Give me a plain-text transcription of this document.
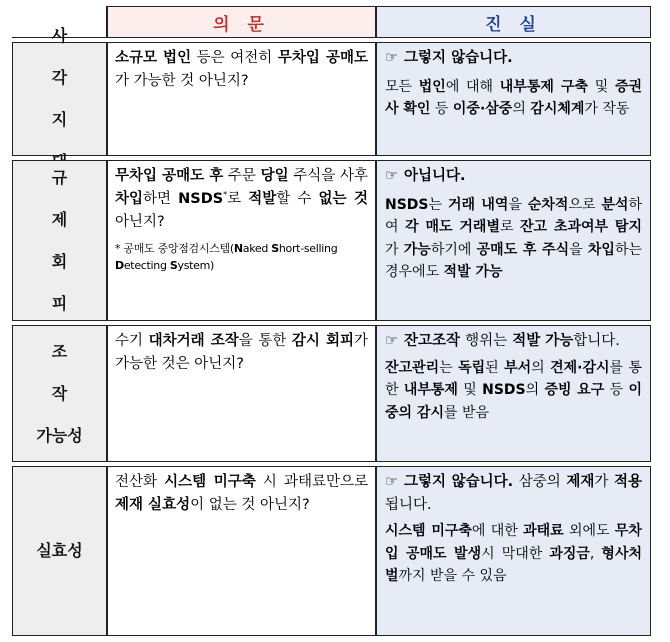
의 문	진 실
사 각
지
소규모 법인 등은 여전히 무차입 공매도가 가능한 것 아닌지?
☞ 그렇지 않습니다.
모든 법인에 대해 내부통제 구축 및 증권사 확인 등 이중·삼중의 감시체계가 작동
규 제
회 피
무차입 공매도 후 주문 당일 주식을 사후 차입하면 NSDS*로 적발할 수 없는 것 아닌지?
* 공매도 중앙점검시스템(Naked Short-selling Detecting System)
☞ 아닙니다.
NSDS는 거래 내역을 순차적으로 분석하여 각 매도 거래별로 잔고 초과여부 탐지가 가능하기에 공매도 후 주식을 차입하는 경우에도 적발 가능
조 작
가능성
수기 대차거래 조작을 통한 감시 회피가 가능한 것은 아닌지?
☞ 잔고조작 행위는 적발 가능합니다.
잔고관리는 독립된 부서의 견제·감시를 통한 내부통제 및 NSDS의 증빙 요구 등 이중의 감시를 받음
실효성
전산화 시스템 미구축 시 과태료만으로 제재 실효성이 없는 것 아닌지?
☞ 그렇지 않습니다. 삼중의 제재가 적용됩니다.
시스템 미구축에 대한 과태료 외에도 무차입 공매도 발생시 막대한 과징금, 형사처벌까지 받을 수 있음
